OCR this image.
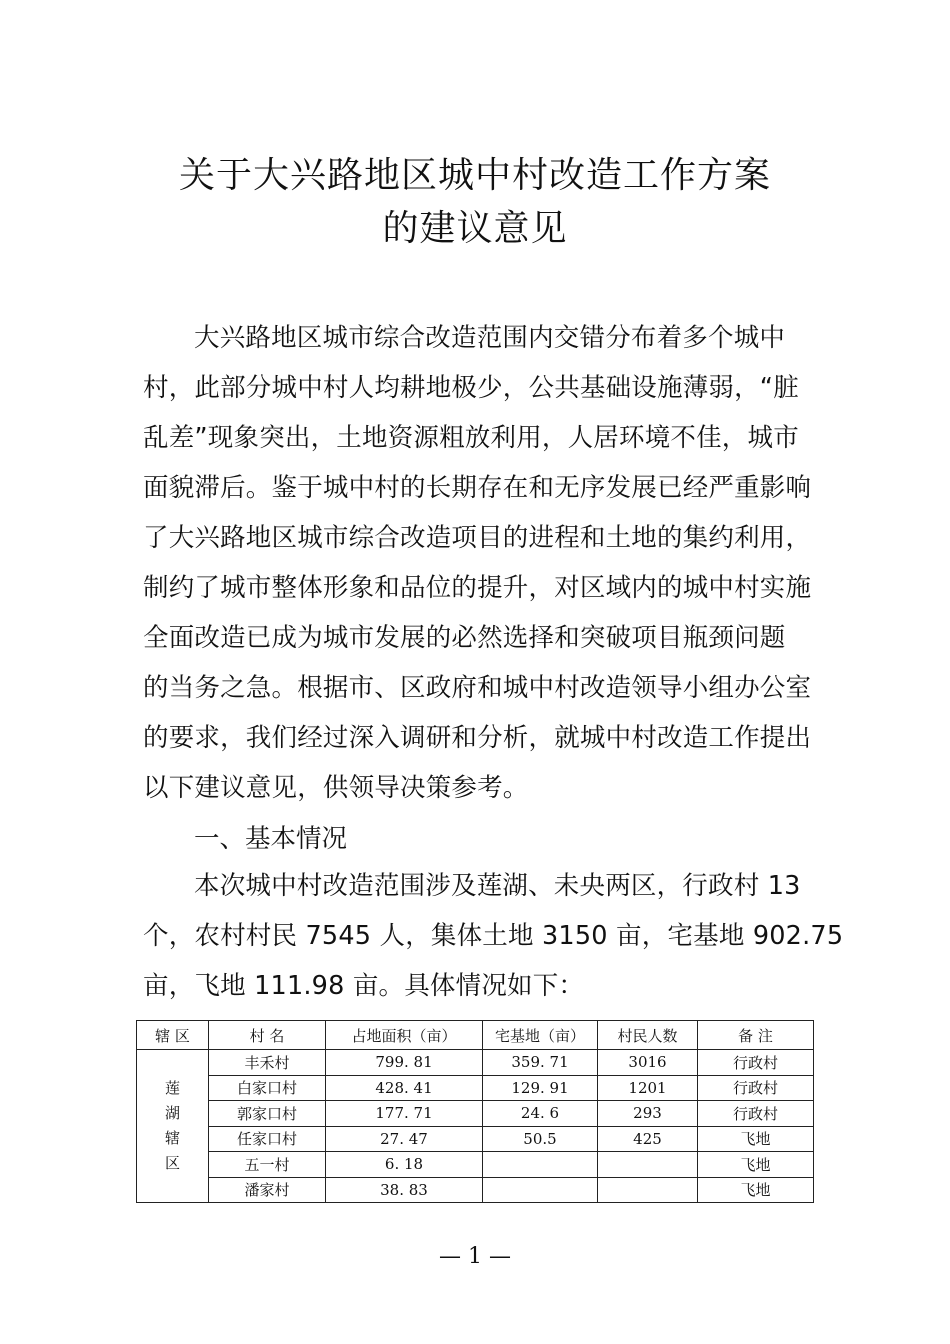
关于大兴路地区城中村改造工作方案
的建议意见
大兴路地区城市综合改造范围内交错分布着多个城中
村，此部分城中村人均耕地极少，公共基础设施薄弱，“脏
乱差”现象突出，土地资源粗放利用，人居环境不佳，城市
面貌滞后。鉴于城中村的长期存在和无序发展已经严重影响
了大兴路地区城市综合改造项目的进程和土地的集约利用，
制约了城市整体形象和品位的提升，对区域内的城中村实施
全面改造已成为城市发展的必然选择和突破项目瓶颈问题
的当务之急。根据市、区政府和城中村改造领导小组办公室
的要求，我们经过深入调研和分析，就城中村改造工作提出
以下建议意见，供领导决策参考。
一、基本情况
本次城中村改造范围涉及莲湖、未央两区，行政村 13
个，农村村民 7545 人，集体土地 3150 亩，宅基地 902.75
亩，飞地 111.98 亩。具体情况如下：
辖 区	村 名	占地面积（亩）	宅基地（亩）	村民人数	备 注

莲
湖
辖
区	丰禾村	799. 81	359. 71	3016	行政村
	白家口村	428. 41	129. 91	1201	行政村
	郭家口村	177. 71	24. 6	293	行政村
	任家口村	27. 47	50.5	425	飞地
	五一村	6. 18			飞地
	潘家村	38. 83			飞地
— 1 —
